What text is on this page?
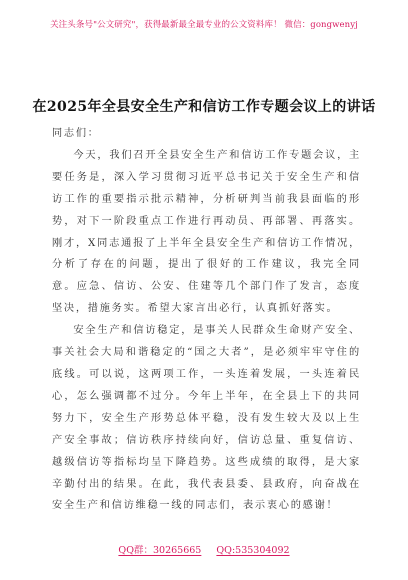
关注头条号"公文研究"，获得最新最全最专业的公文资料库！ 微信：gongwenyj
在2025年全县安全生产和信访工作专题会议上的讲话

同志们：

今天，我们召开全县安全生产和信访工作专题会议，主要任务是，深入学习贯彻习近平总书记关于安全生产和信访工作的重要指示批示精神，分析研判当前我县面临的形势，对下一阶段重点工作进行再动员、再部署、再落实。刚才，X同志通报了上半年全县安全生产和信访工作情况，分析了存在的问题，提出了很好的工作建议，我完全同意。应急、信访、公安、住建等几个部门作了发言，态度坚决，措施务实。希望大家言出必行，认真抓好落实。

安全生产和信访稳定，是事关人民群众生命财产安全、事关社会大局和谐稳定的“国之大者”，是必须牢牢守住的底线。可以说，这两项工作，一头连着发展，一头连着民心，怎么强调都不过分。今年上半年，在全县上下的共同努力下，安全生产形势总体平稳，没有发生较大及以上生产安全事故；信访秩序持续向好，信访总量、重复信访、越级信访等指标均呈下降趋势。这些成绩的取得，是大家辛勤付出的结果。在此，我代表县委、县政府，向奋战在安全生产和信访维稳一线的同志们，表示衷心的感谢！

QQ群：30265665 QQ:535304092
